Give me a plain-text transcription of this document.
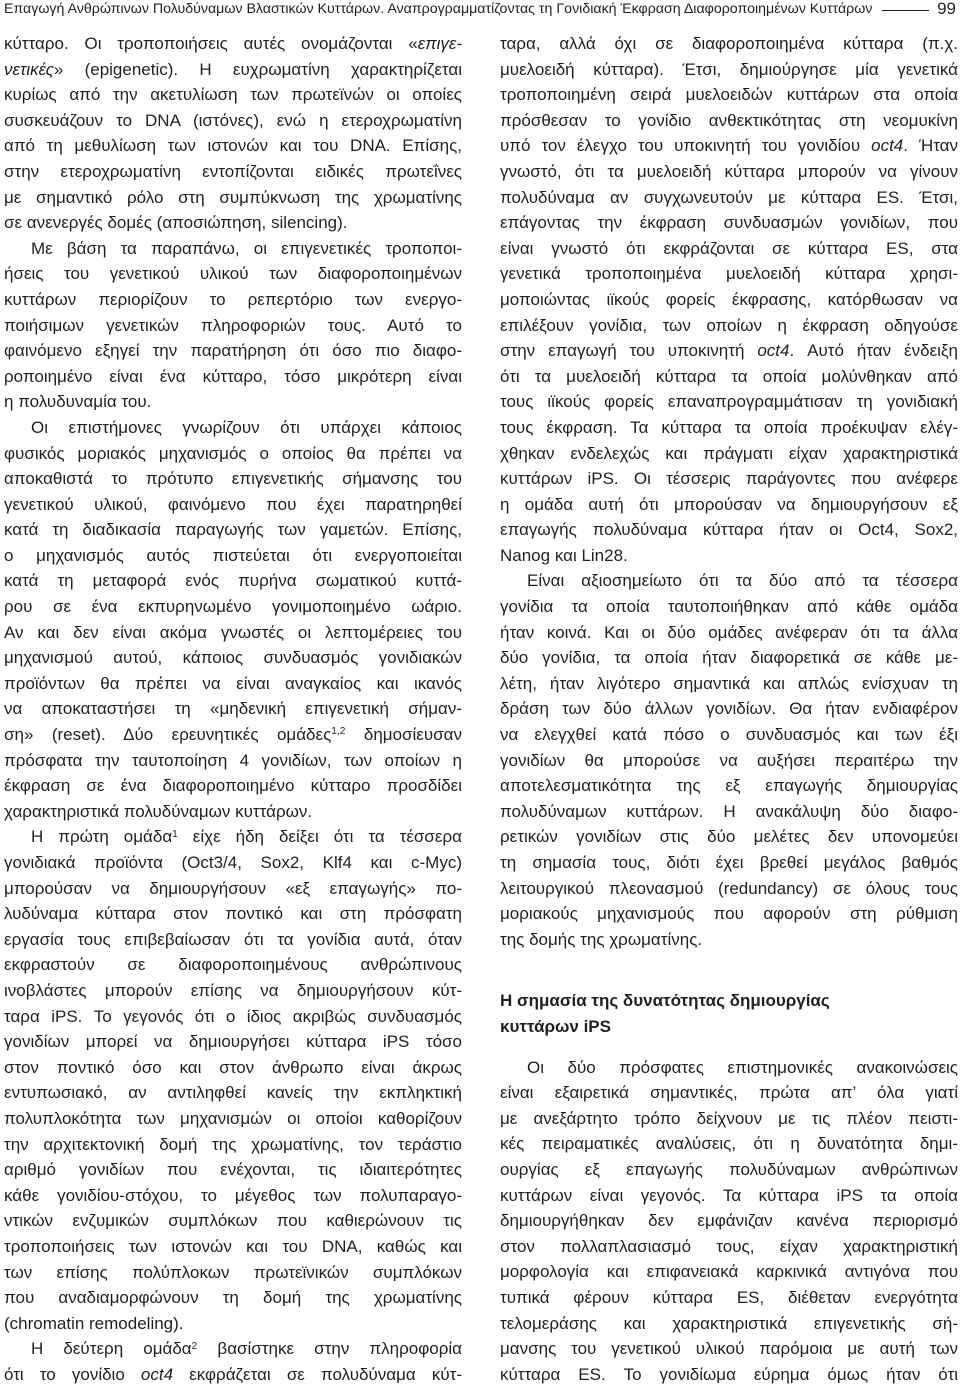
Επαγωγή Ανθρώπινων Πολυδύναμων Βλαστικών Κυττάρων. Αναπρογραμματίζοντας τη Γονιδιακή Έκφραση Διαφοροποιημένων Κυττάρων	99
κύτταρο. Οι τροποποιήσεις αυτές ονομάζονται «επιγε-
νετικές» (epigenetic). Η ευχρωματίνη χαρακτηρίζεται
κυρίως από την ακετυλίωση των πρωτεϊνών οι οποίες
συσκευάζουν το DNA (ιστόνες), ενώ η ετεροχρωματίνη
από τη μεθυλίωση των ιστονών και του DNA. Επίσης,
στην ετεροχρωματίνη εντοπίζονται ειδικές πρωτεΐνες
με σημαντικό ρόλο στη συμπύκνωση της χρωματίνης
σε ανενεργές δομές (αποσιώπηση, silencing).
Με βάση τα παραπάνω, οι επιγενετικές τροποποι-
ήσεις του γενετικού υλικού των διαφοροποιημένων
κυττάρων περιορίζουν το ρεπερτόριο των ενεργο-
ποιήσιμων γενετικών πληροφοριών τους. Αυτό το
φαινόμενο εξηγεί την παρατήρηση ότι όσο πιο διαφο-
ροποιημένο είναι ένα κύτταρο, τόσο μικρότερη είναι
η πολυδυναμία του.
Οι επιστήμονες γνωρίζουν ότι υπάρχει κάποιος
φυσικός μοριακός μηχανισμός ο οποίος θα πρέπει να
αποκαθιστά το πρότυπο επιγενετικής σήμανσης του
γενετικού υλικού, φαινόμενο που έχει παρατηρηθεί
κατά τη διαδικασία παραγωγής των γαμετών. Επίσης,
ο μηχανισμός αυτός πιστεύεται ότι ενεργοποιείται
κατά τη μεταφορά ενός πυρήνα σωματικού κυττά-
ρου σε ένα εκπυρηνωμένο γονιμοποιημένο ωάριο.
Αν και δεν είναι ακόμα γνωστές οι λεπτομέρειες του
μηχανισμού αυτού, κάποιος συνδυασμός γονιδιακών
προϊόντων θα πρέπει να είναι αναγκαίος και ικανός
να αποκαταστήσει τη «μηδενική επιγενετική σήμαν-
ση» (reset). Δύο ερευνητικές ομάδες$^{1,2}$ δημοσίευσαν
πρόσφατα την ταυτοποίηση 4 γονιδίων, των οποίων η
έκφραση σε ένα διαφοροποιημένο κύτταρο προσδίδει
χαρακτηριστικά πολυδύναμων κυττάρων.
Η πρώτη ομάδα$^1$ είχε ήδη δείξει ότι τα τέσσερα
γονιδιακά προϊόντα (Oct3/4, Sox2, Klf4 και c-Myc)
μπορούσαν να δημιουργήσουν «εξ επαγωγής» πο-
λυδύναμα κύτταρα στον ποντικό και στη πρόσφατη
εργασία τους επιβεβαίωσαν ότι τα γονίδια αυτά, όταν
εκφραστούν σε διαφοροποιημένους ανθρώπινους
ινοβλάστες μπορούν επίσης να δημιουργήσουν κύτ-
ταρα iPS. Το γεγονός ότι ο ίδιος ακριβώς συνδυασμός
γονιδίων μπορεί να δημιουργήσει κύτταρα iPS τόσο
στον ποντικό όσο και στον άνθρωπο είναι άκρως
εντυπωσιακό, αν αντιληφθεί κανείς την εκπληκτική
πολυπλοκότητα των μηχανισμών οι οποίοι καθορίζουν
την αρχιτεκτονική δομή της χρωματίνης, τον τεράστιο
αριθμό γονιδίων που ενέχονται, τις ιδιαιτερότητες
κάθε γονιδίου-στόχου, το μέγεθος των πολυπαραγο-
ντικών ενζυμικών συμπλόκων που καθιερώνουν τις
τροποποιήσεις των ιστονών και του DNA, καθώς και
των επίσης πολύπλοκων πρωτεϊνικών συμπλόκων
που αναδιαμορφώνουν τη δομή της χρωματίνης
(chromatin remodeling).
Η δεύτερη ομάδα$^2$ βασίστηκε στην πληροφορία
ότι το γονίδιο oct4 εκφράζεται σε πολυδύναμα κύτ-
ταρα, αλλά όχι σε διαφοροποιημένα κύτταρα (π.χ.
μυελοειδή κύτταρα). Έτσι, δημιούργησε μία γενετικά
τροποποιημένη σειρά μυελοειδών κυττάρων στα οποία
πρόσθεσαν το γονίδιο ανθεκτικότητας στη νεομυκίνη
υπό τον έλεγχο του υποκινητή του γονιδίου oct4. Ήταν
γνωστό, ότι τα μυελοειδή κύτταρα μπορούν να γίνουν
πολυδύναμα αν συγχωνευτούν με κύτταρα ES. Έτσι,
επάγοντας την έκφραση συνδυασμών γονιδίων, που
είναι γνωστό ότι εκφράζονται σε κύτταρα ES, στα
γενετικά τροποποιημένα μυελοειδή κύτταρα χρησι-
μοποιώντας ιϊκούς φορείς έκφρασης, κατόρθωσαν να
επιλέξουν γονίδια, των οποίων η έκφραση οδηγούσε
στην επαγωγή του υποκινητή oct4. Αυτό ήταν ένδειξη
ότι τα μυελοειδή κύτταρα τα οποία μολύνθηκαν από
τους ιϊκούς φορείς επαναπρογραμμάτισαν τη γονιδιακή
τους έκφραση. Τα κύτταρα τα οποία προέκυψαν ελέγ-
χθηκαν ενδελεχώς και πράγματι είχαν χαρακτηριστικά
κυττάρων iPS. Οι τέσσερις παράγοντες που ανέφερε
η ομάδα αυτή ότι μπορούσαν να δημιουργήσουν εξ
επαγωγής πολυδύναμα κύτταρα ήταν οι Oct4, Sox2,
Nanog και Lin28.
Είναι αξιοσημείωτο ότι τα δύο από τα τέσσερα
γονίδια τα οποία ταυτοποιήθηκαν από κάθε ομάδα
ήταν κοινά. Και οι δύο ομάδες ανέφεραν ότι τα άλλα
δύο γονίδια, τα οποία ήταν διαφορετικά σε κάθε με-
λέτη, ήταν λιγότερο σημαντικά και απλώς ενίσχυαν τη
δράση των δύο άλλων γονιδίων. Θα ήταν ενδιαφέρον
να ελεγχθεί κατά πόσο ο συνδυασμός και των έξι
γονιδίων θα μπορούσε να αυξήσει περαιτέρω την
αποτελεσματικότητα της εξ επαγωγής δημιουργίας
πολυδύναμων κυττάρων. Η ανακάλυψη δύο διαφο-
ρετικών γονιδίων στις δύο μελέτες δεν υπονομεύει
τη σημασία τους, διότι έχει βρεθεί μεγάλος βαθμός
λειτουργικού πλεονασμού (redundancy) σε όλους τους
μοριακούς μηχανισμούς που αφορούν στη ρύθμιση
της δομής της χρωματίνης.
Η σημασία της δυνατότητας δημιουργίας
κυττάρων iPS
Οι δύο πρόσφατες επιστημονικές ανακοινώσεις
είναι εξαιρετικά σημαντικές, πρώτα απ’ όλα γιατί
με ανεξάρτητο τρόπο δείχνουν με τις πλέον πειστι-
κές πειραματικές αναλύσεις, ότι η δυνατότητα δημι-
ουργίας εξ επαγωγής πολυδύναμων ανθρώπινων
κυττάρων είναι γεγονός. Τα κύτταρα iPS τα οποία
δημιουργήθηκαν δεν εμφάνιζαν κανένα περιορισμό
στον πολλαπλασιασμό τους, είχαν χαρακτηριστική
μορφολογία και επιφανειακά καρκινικά αντιγόνα που
τυπικά φέρουν κύτταρα ES, διέθεταν ενεργότητα
τελομεράσης και χαρακτηριστικά επιγενετικής σή-
μανσης του γενετικού υλικού παρόμοια με αυτή των
κύτταρα ES. Το γονιδίωμα εύρημα όμως ήταν ότι
